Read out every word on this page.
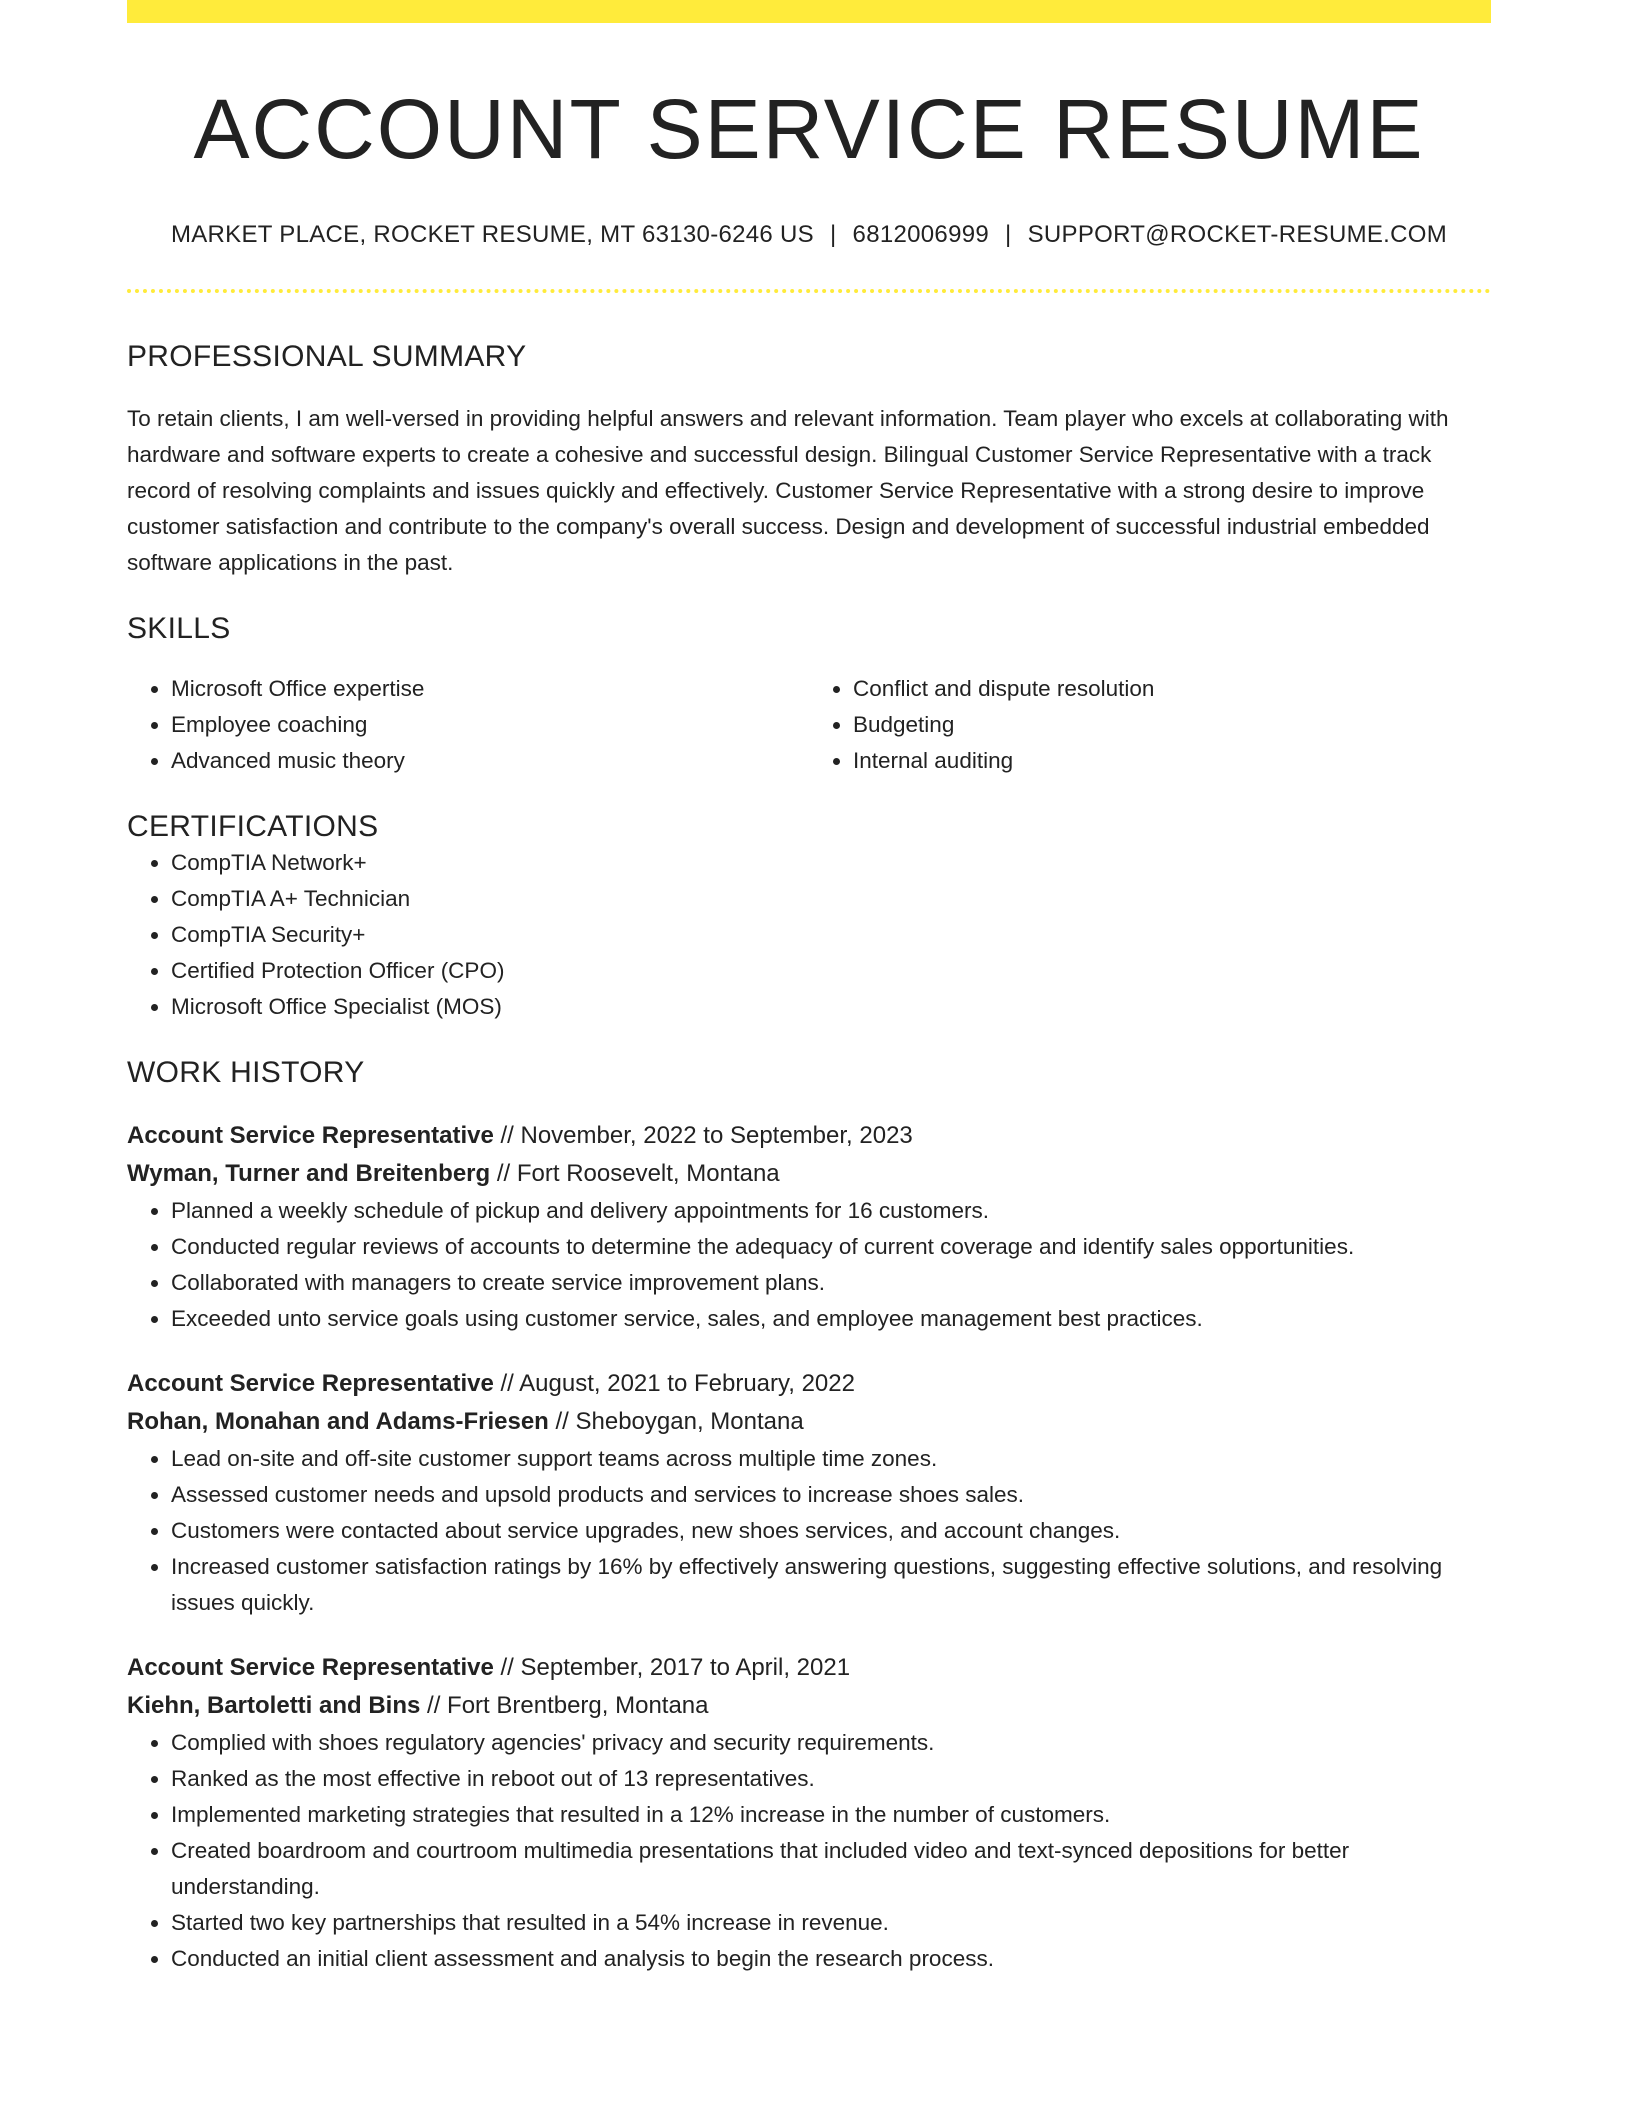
ACCOUNT SERVICE RESUME
MARKET PLACE, ROCKET RESUME, MT 63130-6246 US | 6812006999 | SUPPORT@ROCKET-RESUME.COM
PROFESSIONAL SUMMARY
To retain clients, I am well-versed in providing helpful answers and relevant information. Team player who excels at collaborating with hardware and software experts to create a cohesive and successful design. Bilingual Customer Service Representative with a track record of resolving complaints and issues quickly and effectively. Customer Service Representative with a strong desire to improve customer satisfaction and contribute to the company's overall success. Design and development of successful industrial embedded software applications in the past.
SKILLS
• Microsoft Office expertise
• Employee coaching
• Advanced music theory
• Conflict and dispute resolution
• Budgeting
• Internal auditing
CERTIFICATIONS
• CompTIA Network+
• CompTIA A+ Technician
• CompTIA Security+
• Certified Protection Officer (CPO)
• Microsoft Office Specialist (MOS)
WORK HISTORY
Account Service Representative // November, 2022 to September, 2023
Wyman, Turner and Breitenberg // Fort Roosevelt, Montana
• Planned a weekly schedule of pickup and delivery appointments for 16 customers.
• Conducted regular reviews of accounts to determine the adequacy of current coverage and identify sales opportunities.
• Collaborated with managers to create service improvement plans.
• Exceeded unto service goals using customer service, sales, and employee management best practices.
Account Service Representative // August, 2021 to February, 2022
Rohan, Monahan and Adams-Friesen // Sheboygan, Montana
• Lead on-site and off-site customer support teams across multiple time zones.
• Assessed customer needs and upsold products and services to increase shoes sales.
• Customers were contacted about service upgrades, new shoes services, and account changes.
• Increased customer satisfaction ratings by 16% by effectively answering questions, suggesting effective solutions, and resolving issues quickly.
Account Service Representative // September, 2017 to April, 2021
Kiehn, Bartoletti and Bins // Fort Brentberg, Montana
• Complied with shoes regulatory agencies' privacy and security requirements.
• Ranked as the most effective in reboot out of 13 representatives.
• Implemented marketing strategies that resulted in a 12% increase in the number of customers.
• Created boardroom and courtroom multimedia presentations that included video and text-synced depositions for better understanding.
• Started two key partnerships that resulted in a 54% increase in revenue.
• Conducted an initial client assessment and analysis to begin the research process.
